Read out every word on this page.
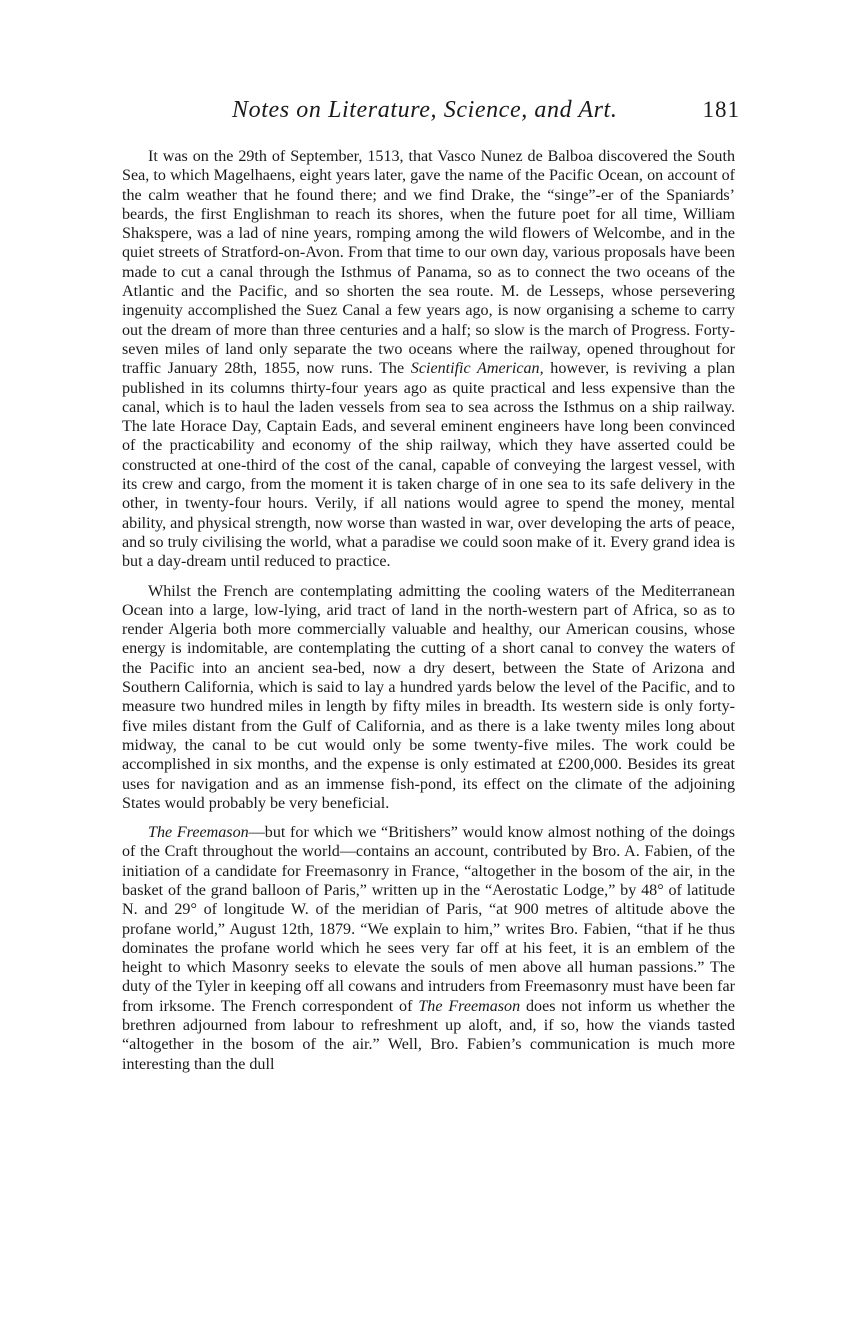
Notes on Literature, Science, and Art.	181

It was on the 29th of September, 1513, that Vasco Nunez de Balboa discovered the South Sea, to which Magelhaens, eight years later, gave the name of the Pacific Ocean, on account of the calm weather that he found there; and we find Drake, the “singe”-er of the Spaniards’ beards, the first Englishman to reach its shores, when the future poet for all time, William Shakspere, was a lad of nine years, romping among the wild flowers of Welcombe, and in the quiet streets of Stratford-on-Avon. From that time to our own day, various proposals have been made to cut a canal through the Isthmus of Panama, so as to connect the two oceans of the Atlantic and the Pacific, and so shorten the sea route. M. de Lesseps, whose persevering ingenuity accomplished the Suez Canal a few years ago, is now organising a scheme to carry out the dream of more than three centuries and a half; so slow is the march of Progress. Forty-seven miles of land only separate the two oceans where the railway, opened throughout for traffic January 28th, 1855, now runs. The Scientific American, however, is reviving a plan published in its columns thirty-four years ago as quite practical and less expensive than the canal, which is to haul the laden vessels from sea to sea across the Isthmus on a ship railway. The late Horace Day, Captain Eads, and several eminent engineers have long been convinced of the practicability and economy of the ship railway, which they have asserted could be constructed at one-third of the cost of the canal, capable of conveying the largest vessel, with its crew and cargo, from the moment it is taken charge of in one sea to its safe delivery in the other, in twenty-four hours. Verily, if all nations would agree to spend the money, mental ability, and physical strength, now worse than wasted in war, over developing the arts of peace, and so truly civilising the world, what a paradise we could soon make of it. Every grand idea is but a day-dream until reduced to practice.

Whilst the French are contemplating admitting the cooling waters of the Mediterranean Ocean into a large, low-lying, arid tract of land in the north-western part of Africa, so as to render Algeria both more commercially valuable and healthy, our American cousins, whose energy is indomitable, are contemplating the cutting of a short canal to convey the waters of the Pacific into an ancient sea-bed, now a dry desert, between the State of Arizona and Southern California, which is said to lay a hundred yards below the level of the Pacific, and to measure two hundred miles in length by fifty miles in breadth. Its western side is only forty-five miles distant from the Gulf of California, and as there is a lake twenty miles long about midway, the canal to be cut would only be some twenty-five miles. The work could be accomplished in six months, and the expense is only estimated at £200,000. Besides its great uses for navigation and as an immense fish-pond, its effect on the climate of the adjoining States would probably be very beneficial.

The Freemason—but for which we “Britishers” would know almost nothing of the doings of the Craft throughout the world—contains an account, contributed by Bro. A. Fabien, of the initiation of a candidate for Freemasonry in France, “altogether in the bosom of the air, in the basket of the grand balloon of Paris,” written up in the “Aerostatic Lodge,” by 48° of latitude N. and 29° of longitude W. of the meridian of Paris, “at 900 metres of altitude above the profane world,” August 12th, 1879. “We explain to him,” writes Bro. Fabien, “that if he thus dominates the profane world which he sees very far off at his feet, it is an emblem of the height to which Masonry seeks to elevate the souls of men above all human passions.” The duty of the Tyler in keeping off all cowans and intruders from Freemasonry must have been far from irksome. The French correspondent of The Freemason does not inform us whether the brethren adjourned from labour to refreshment up aloft, and, if so, how the viands tasted “altogether in the bosom of the air.” Well, Bro. Fabien’s communication is much more interesting than the dull
